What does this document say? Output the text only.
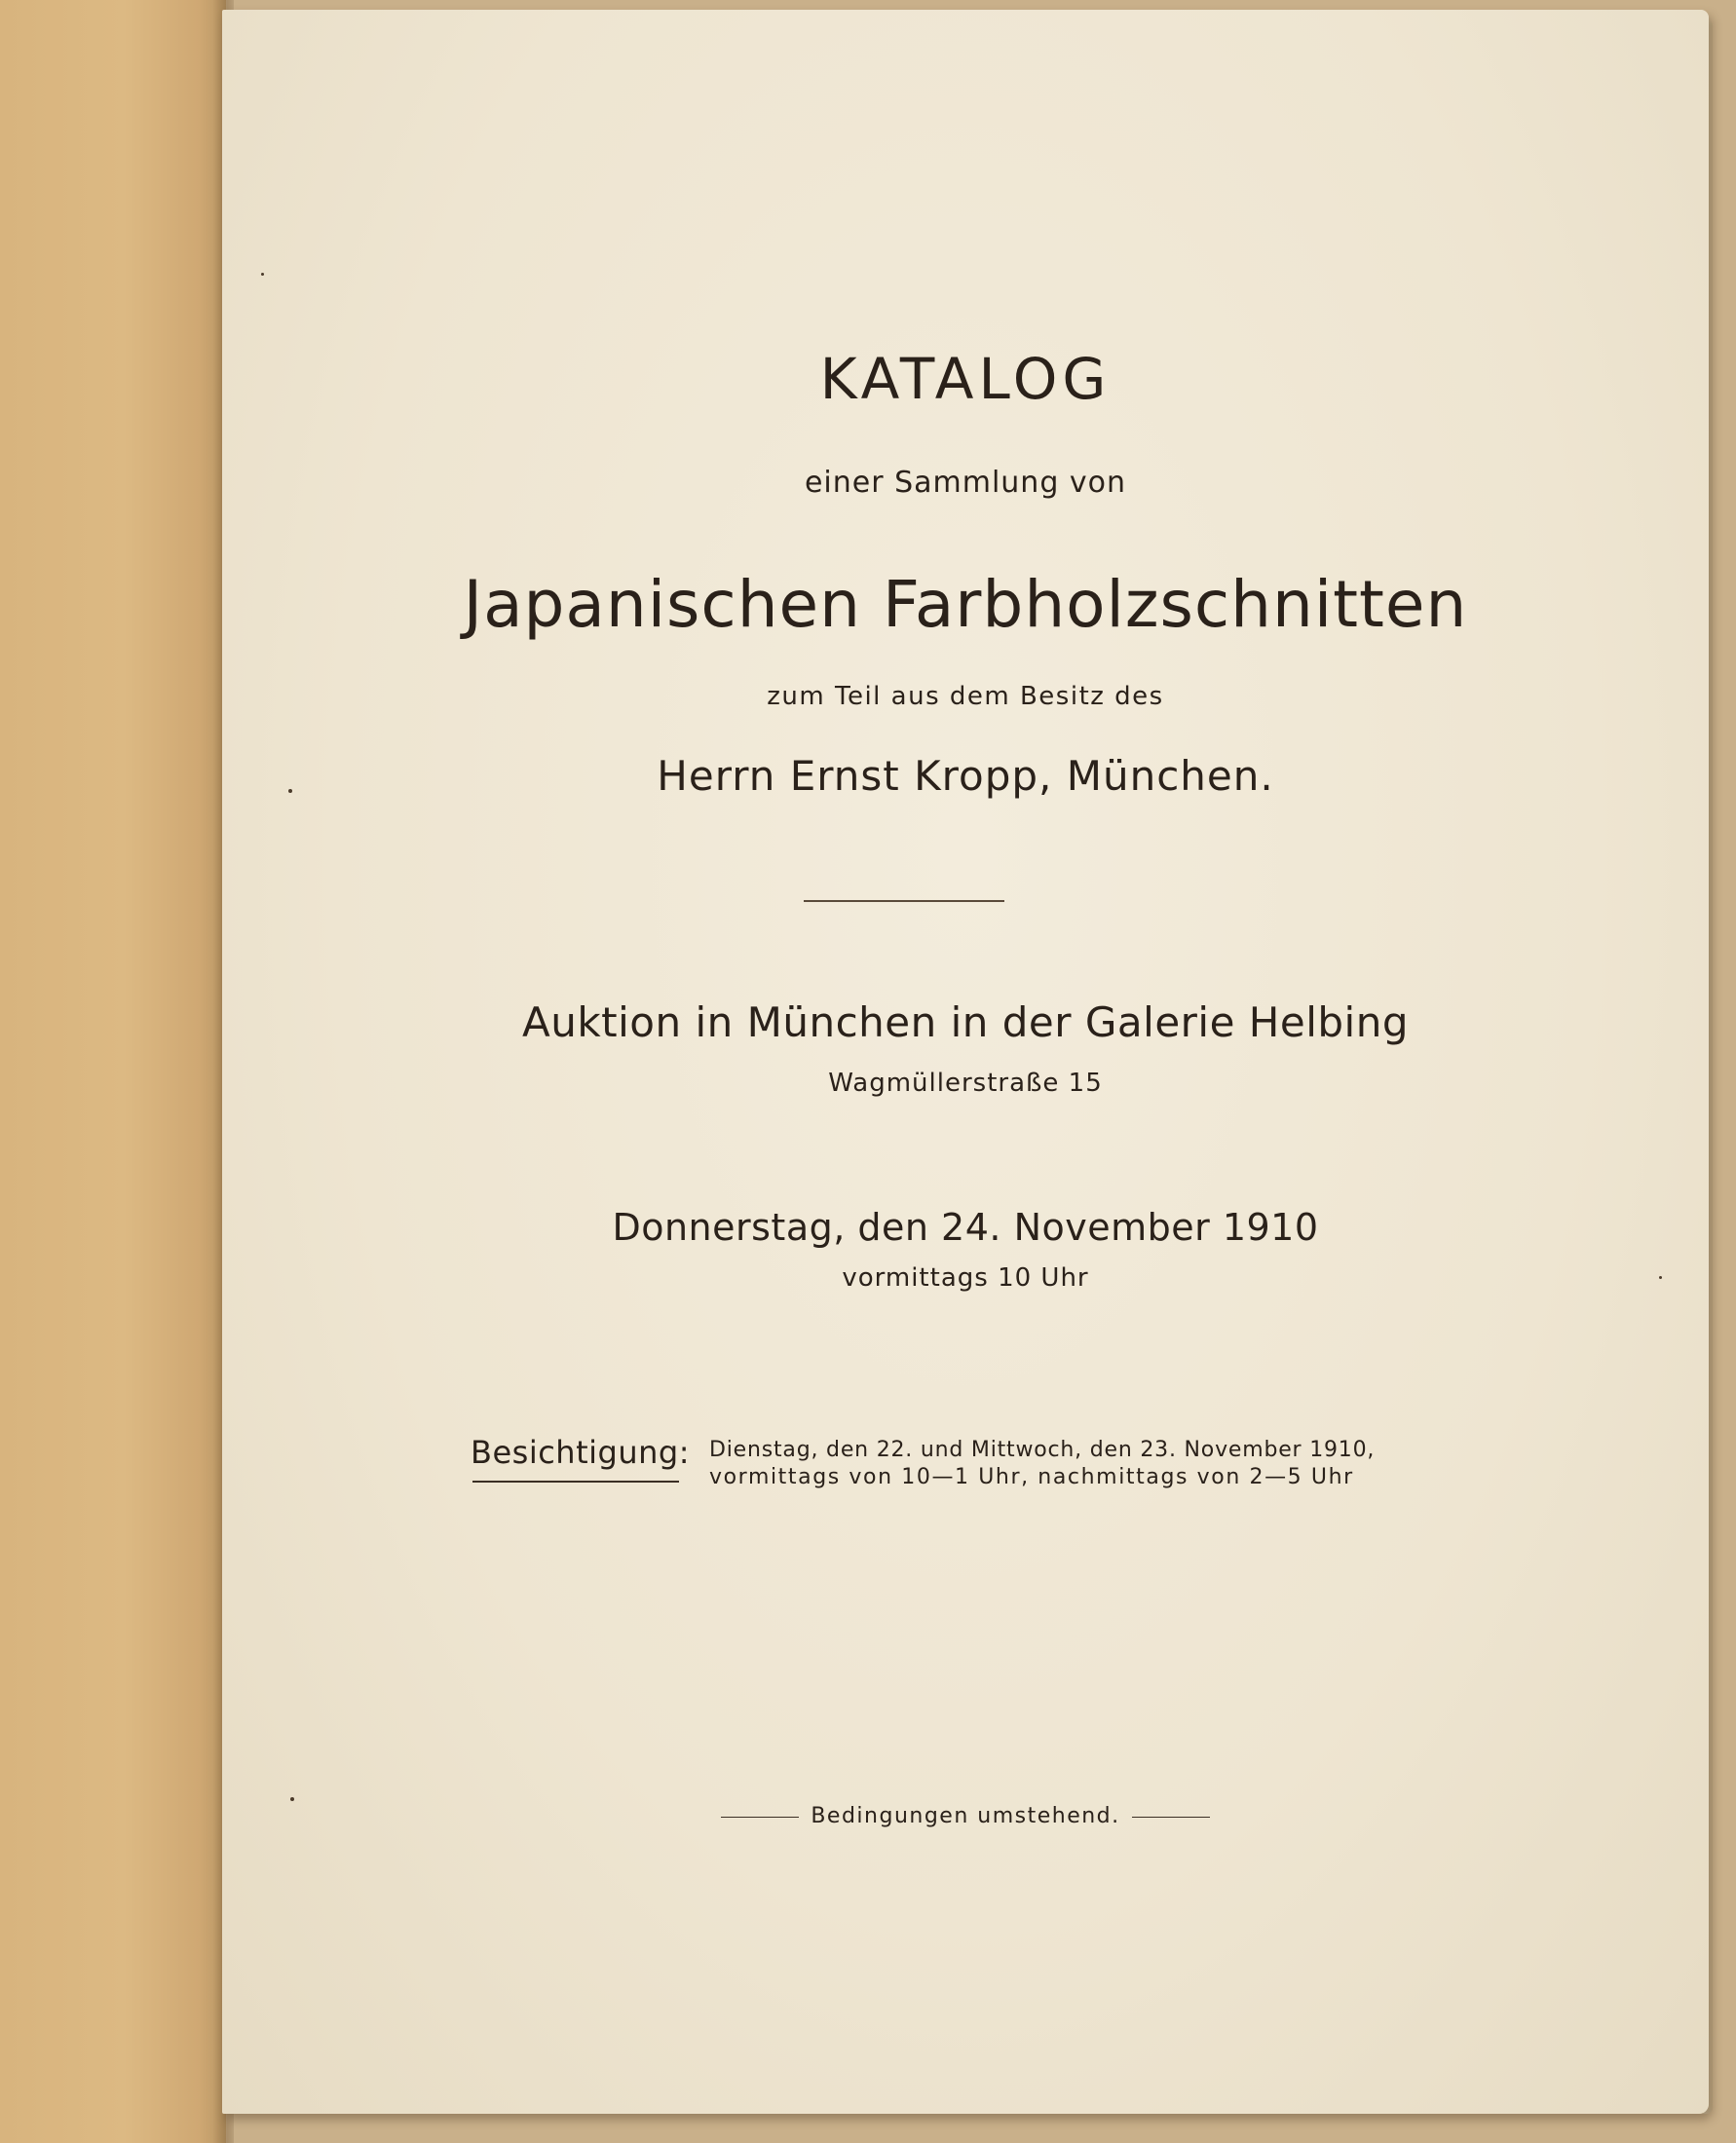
KATALOG
einer Sammlung von
Japanischen Farbholzschnitten
zum Teil aus dem Besitz des
Herrn Ernst Kropp, München.
Auktion in München in der Galerie Helbing
Wagmüllerstraße 15
Donnerstag, den 24. November 1910
vormittags 10 Uhr
Besichtigung: Dienstag, den 22. und Mittwoch, den 23. November 1910,
vormittags von 10—1 Uhr, nachmittags von 2—5 Uhr
Bedingungen umstehend.
